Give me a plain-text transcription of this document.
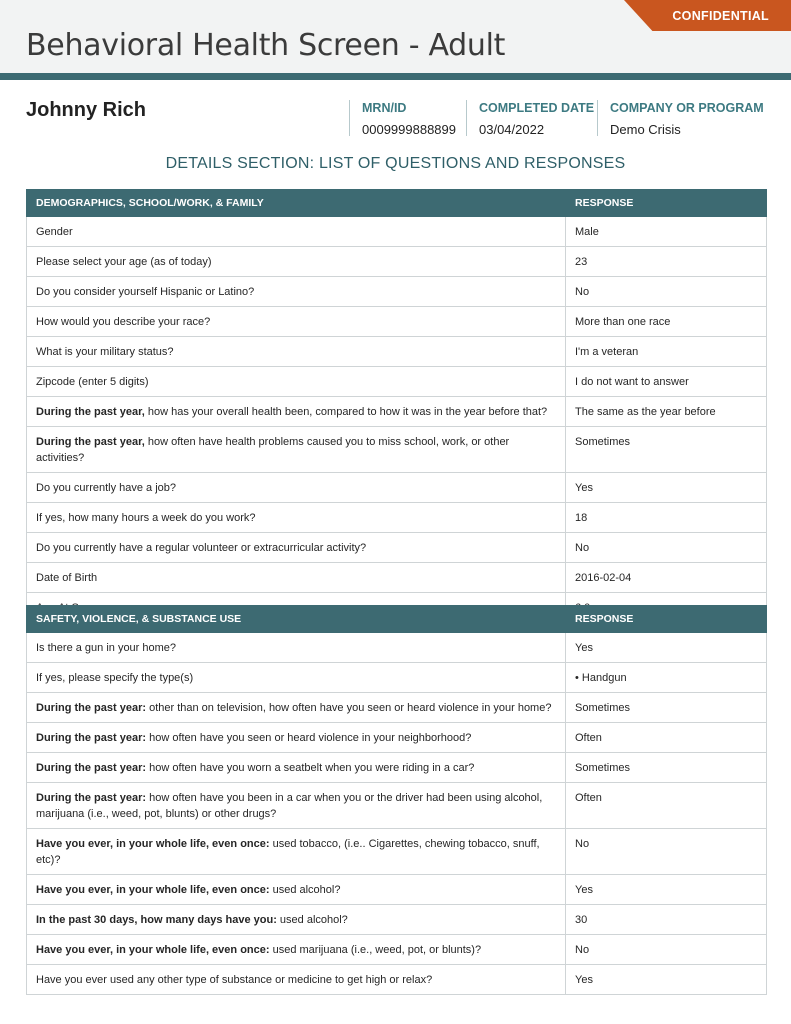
Behavioral Health Screen - Adult
CONFIDENTIAL
Johnny Rich	MRN/ID
0009999888899
COMPLETED DATE
03/04/2022
COMPANY OR PROGRAM
Demo Crisis
DETAILS SECTION: LIST OF QUESTIONS AND RESPONSES
DEMOGRAPHICS, SCHOOL/WORK, & FAMILY	RESPONSE
Gender	Male
Please select your age (as of today)	23
Do you consider yourself Hispanic or Latino?	No
How would you describe your race?	More than one race
What is your military status?	I'm a veteran
Zipcode (enter 5 digits)	I do not want to answer
During the past year, how has your overall health been, compared to how it was in the year before that?	The same as the year before
During the past year, how often have health problems caused you to miss school, work, or other activities?	Sometimes
Do you currently have a job?	Yes
If yes, how many hours a week do you work?	18
Do you currently have a regular volunteer or extracurricular activity?	No
Date of Birth	2016-02-04

SAFETY, VIOLENCE, & SUBSTANCE USE	RESPONSE
Is there a gun in your home?	Yes
If yes, please specify the type(s)	• Handgun
During the past year: other than on television, how often have you seen or heard violence in your home?	Sometimes
During the past year: how often have you seen or heard violence in your neighborhood?	Often
During the past year: how often have you worn a seatbelt when you were riding in a car?	Sometimes
During the past year: how often have you been in a car when you or the driver had been using alcohol, marijuana (i.e., weed, pot, blunts) or other drugs?	Often
Have you ever, in your whole life, even once: used tobacco, (i.e.. Cigarettes, chewing tobacco, snuff, etc)?	No
Have you ever, in your whole life, even once: used alcohol?	Yes
In the past 30 days, how many days have you: used alcohol?	30
Have you ever, in your whole life, even once: used marijuana (i.e., weed, pot, or blunts)?	No
Have you ever used any other type of substance or medicine to get high or relax?	Yes
